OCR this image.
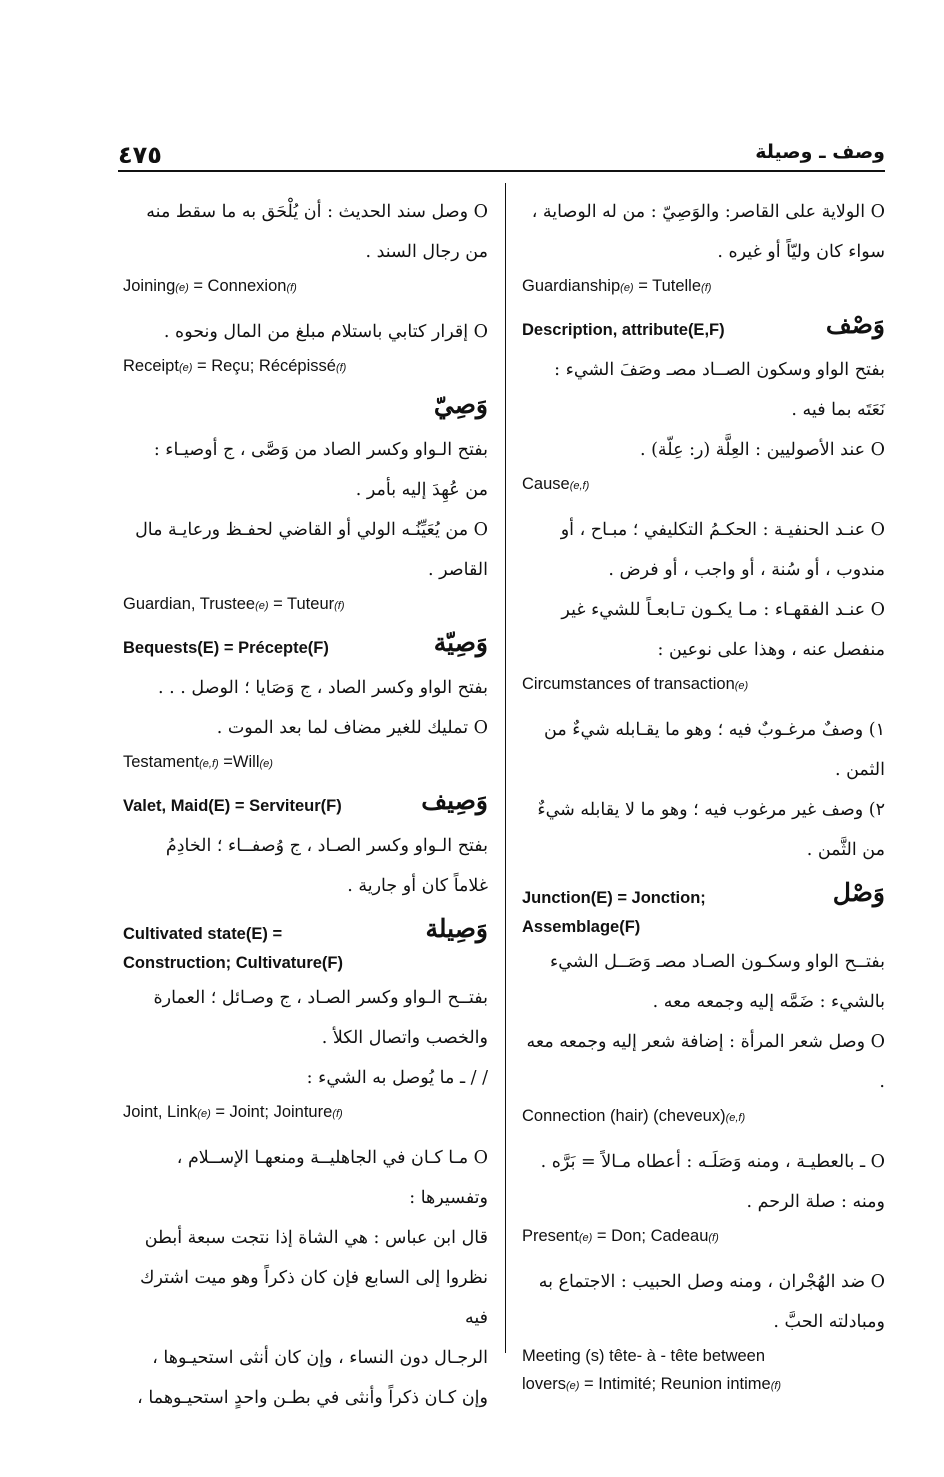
٤٧٥	وصف ـ وصيلة
O الولاية على القاصر: والوَصِيّ : من له الوصاية ،
سواء كان وليّاً أو غيره .
Guardianship(e) = Tutelle(f)
وَصْف
Description, attribute(E,F)
بفتح الواو وسكون الصــاد مصـ وصَفَ الشيء :
نَعَتَه بما فيه .
O عند الأصوليين : العِلَّة (ر: عِلّة) .
Cause(e,f)
O عنـد الحنفيـة : الحكـمُ التكليفي ؛ مبـاح ، أو
مندوب ، أو سُنة ، أو واجب ، أو فرض .
O عنـد الفقهـاء : مـا يكـون تـابعـاً للشيء غير
منفصل عنه ، وهذا على نوعين :
Circumstances of transaction(e)
١) وصفٌ مرغـوبٌ فيه ؛ وهو ما يقـابله شيءٌ من
الثمن .
٢) وصف غير مرغوب فيه ؛ وهو ما لا يقابله شيءٌ
من الثَّمن .
وَصْل
Junction(E) = Jonction;
Assemblage(F)
بفتــح الواو وسكـون الصـاد مصـ وَصَــل الشيء
بالشيء : ضَمَّه إليه وجمعه معه .
O وصل شعر المرأة : إضافة شعر إليه وجمعه معه .
Connection (hair) (cheveux)(e,f)
O ـ بالعطيـة ، ومنه وَصَلَـه : أعطاه مـالاً = بَرَّه .
ومنه : صلة الرحم .
Present(e) = Don; Cadeau(f)
O ضد الهُجْران ، ومنه وصل الحبيب : الاجتماع به
ومبادلته الحبَّ .
Meeting (s) tête- à - tête between
lovers(e) = Intimité; Reunion intime(f)
O وصل سند الحديث : أن يُلْحَق به ما سقط منه
من رجال السند .
Joining(e) = Connexion(f)
O إقرار كتابي باستلام مبلغ من المال ونحوه .
Receipt(e) = Reçu; Récépissé(f)
وَصِيّ
بفتح الـواو وكسر الصاد من وَصَّى ، ج أوصيـاء :
من عُهِدَ إليه بأمر .
O من يُعَيِّنُـه الولي أو القاضي لحفـظ ورعايـة مال
القاصر .
Guardian, Trustee(e) = Tuteur(f)
وَصِيّة
Bequests(E) = Précepte(F)
بفتح الواو وكسر الصاد ، ج وَصَايا ؛ الوصل . . .
O تمليك للغير مضاف لما بعد الموت .
Testament(e,f) =Will(e)
وَصِيف
Valet, Maid(E) = Serviteur(F)
بفتح الـواو وكسر الصـاد ، ج وُصفــاء ؛ الخادِمُ
غلاماً كان أو جارية .
وَصِيلة
Cultivated state(E) =
Construction; Cultivature(F)
بفتــح الـواو وكسر الصـاد ، ج وصـائل ؛ العمارة
والخصب واتصال الكلأ .
/ / ـ ما يُوصل به الشيء :
Joint, Link(e) = Joint; Jointure(f)
O مـا كـان في الجاهليــة ومنعهـا الإســلام ،
وتفسيرها :
قال ابن عباس : هي الشاة إذا نتجت سبعة أبطن
نظروا إلى السابع فإن كان ذكراً وهو ميت اشترك فيه
الرجـال دون النساء ، وإن كان أنثى استحيـوها ،
وإن كـان ذكراً وأنثى في بطـن واحدٍ استحيـوهما ،
